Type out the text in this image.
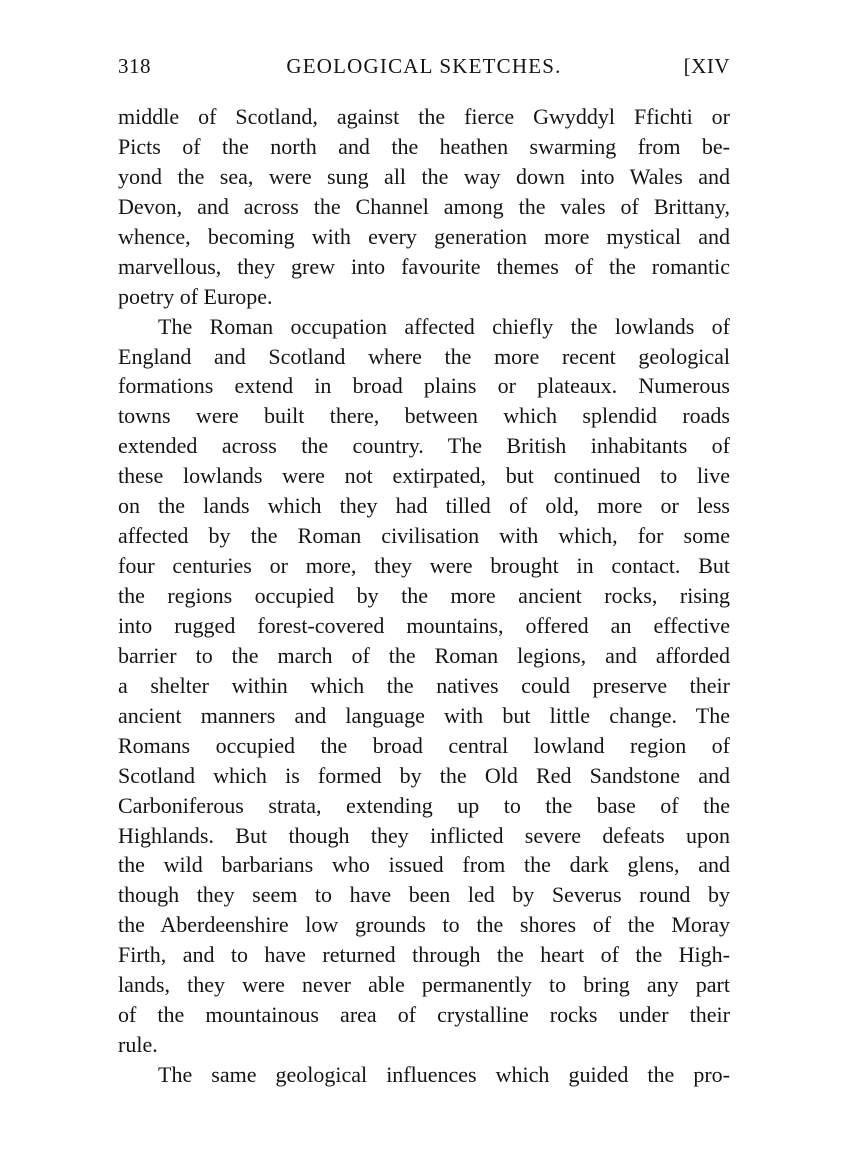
318	GEOLOGICAL SKETCHES.	[XIV
middle of Scotland, against the fierce Gwyddyl Ffichti or
Picts of the north and the heathen swarming from be-
yond the sea, were sung all the way down into Wales and
Devon, and across the Channel among the vales of Brittany,
whence, becoming with every generation more mystical and
marvellous, they grew into favourite themes of the romantic
poetry of Europe.
The Roman occupation affected chiefly the lowlands of
England and Scotland where the more recent geological
formations extend in broad plains or plateaux. Numerous
towns were built there, between which splendid roads
extended across the country. The British inhabitants of
these lowlands were not extirpated, but continued to live
on the lands which they had tilled of old, more or less
affected by the Roman civilisation with which, for some
four centuries or more, they were brought in contact. But
the regions occupied by the more ancient rocks, rising
into rugged forest-covered mountains, offered an effective
barrier to the march of the Roman legions, and afforded
a shelter within which the natives could preserve their
ancient manners and language with but little change. The
Romans occupied the broad central lowland region of
Scotland which is formed by the Old Red Sandstone and
Carboniferous strata, extending up to the base of the
Highlands. But though they inflicted severe defeats upon
the wild barbarians who issued from the dark glens, and
though they seem to have been led by Severus round by
the Aberdeenshire low grounds to the shores of the Moray
Firth, and to have returned through the heart of the High-
lands, they were never able permanently to bring any part
of the mountainous area of crystalline rocks under their
rule.
The same geological influences which guided the pro-
